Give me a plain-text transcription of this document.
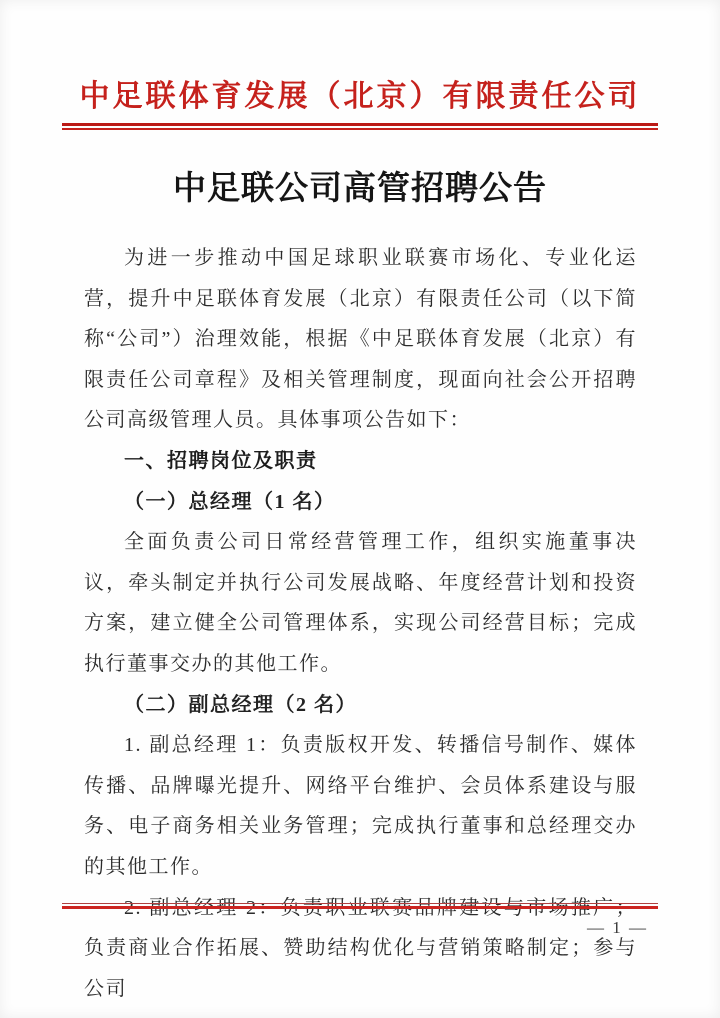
中足联体育发展（北京）有限责任公司
中足联公司高管招聘公告

为进一步推动中国足球职业联赛市场化、专业化运营，提升中足联体育发展（北京）有限责任公司（以下简称“公司”）治理效能，根据《中足联体育发展（北京）有限责任公司章程》及相关管理制度，现面向社会公开招聘公司高级管理人员。具体事项公告如下：

一、招聘岗位及职责

（一）总经理（1 名）

全面负责公司日常经营管理工作，组织实施董事决议，牵头制定并执行公司发展战略、年度经营计划和投资方案，建立健全公司管理体系，实现公司经营目标；完成执行董事交办的其他工作。

（二）副总经理（2 名）

1. 副总经理 1：负责版权开发、转播信号制作、媒体传播、品牌曝光提升、网络平台维护、会员体系建设与服务、电子商务相关业务管理；完成执行董事和总经理交办的其他工作。

2. 副总经理 2：负责职业联赛品牌建设与市场推广；负责商业合作拓展、赞助结构优化与营销策略制定；参与公司

— 1 —
